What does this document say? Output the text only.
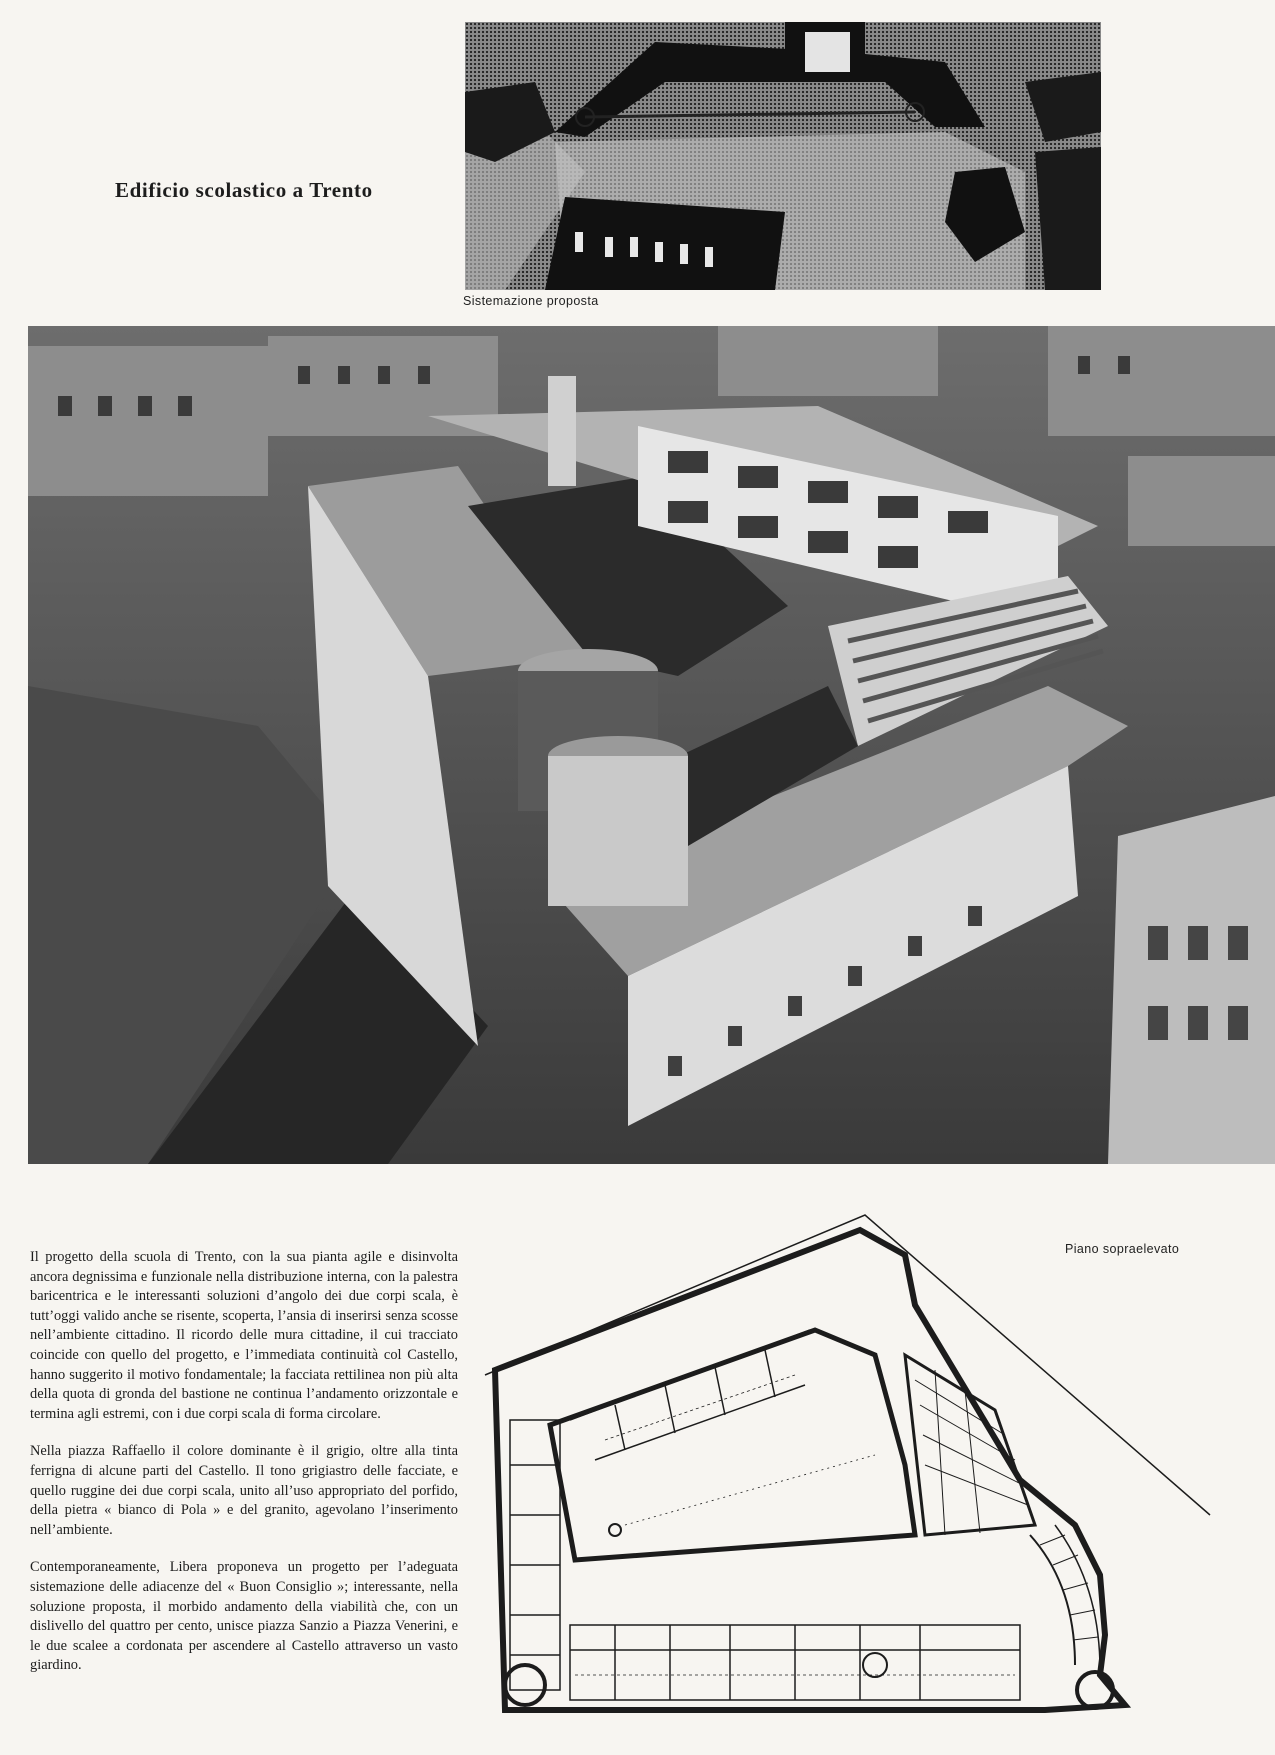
Edificio scolastico a Trento
Sistemazione proposta

Il progetto della scuola di Trento, con la sua pianta agile e disinvolta ancora degnissima e funzionale nella distribuzione interna, con la palestra baricentrica e le interessanti soluzioni d’angolo dei due corpi scala, è tutt’oggi valido anche se risente, scoperta, l’ansia di inserirsi senza scosse nell’ambiente cittadino. Il ricordo delle mura cittadine, il cui tracciato coincide con quello del progetto, e l’immediata continuità col Castello, hanno suggerito il motivo fondamentale; la facciata rettilinea non più alta della quota di gronda del bastione ne continua l’andamento orizzontale e termina agli estremi, con i due corpi scala di forma circolare.

Nella piazza Raffaello il colore dominante è il grigio, oltre alla tinta ferrigna di alcune parti del Castello. Il tono grigiastro delle facciate, e quello ruggine dei due corpi scala, unito all’uso appropriato del porfido, della pietra « bianco di Pola » e del granito, agevolano l’inserimento nell’ambiente.

Contemporaneamente, Libera proponeva un progetto per l’adeguata sistemazione delle adiacenze del « Buon Consiglio »; interessante, nella soluzione proposta, il morbido andamento della viabilità che, con un dislivello del quattro per cento, unisce piazza Sanzio a Piazza Venerini, e le due scalee a cordonata per ascendere al Castello attraverso un vasto giardino.

Piano sopraelevato
